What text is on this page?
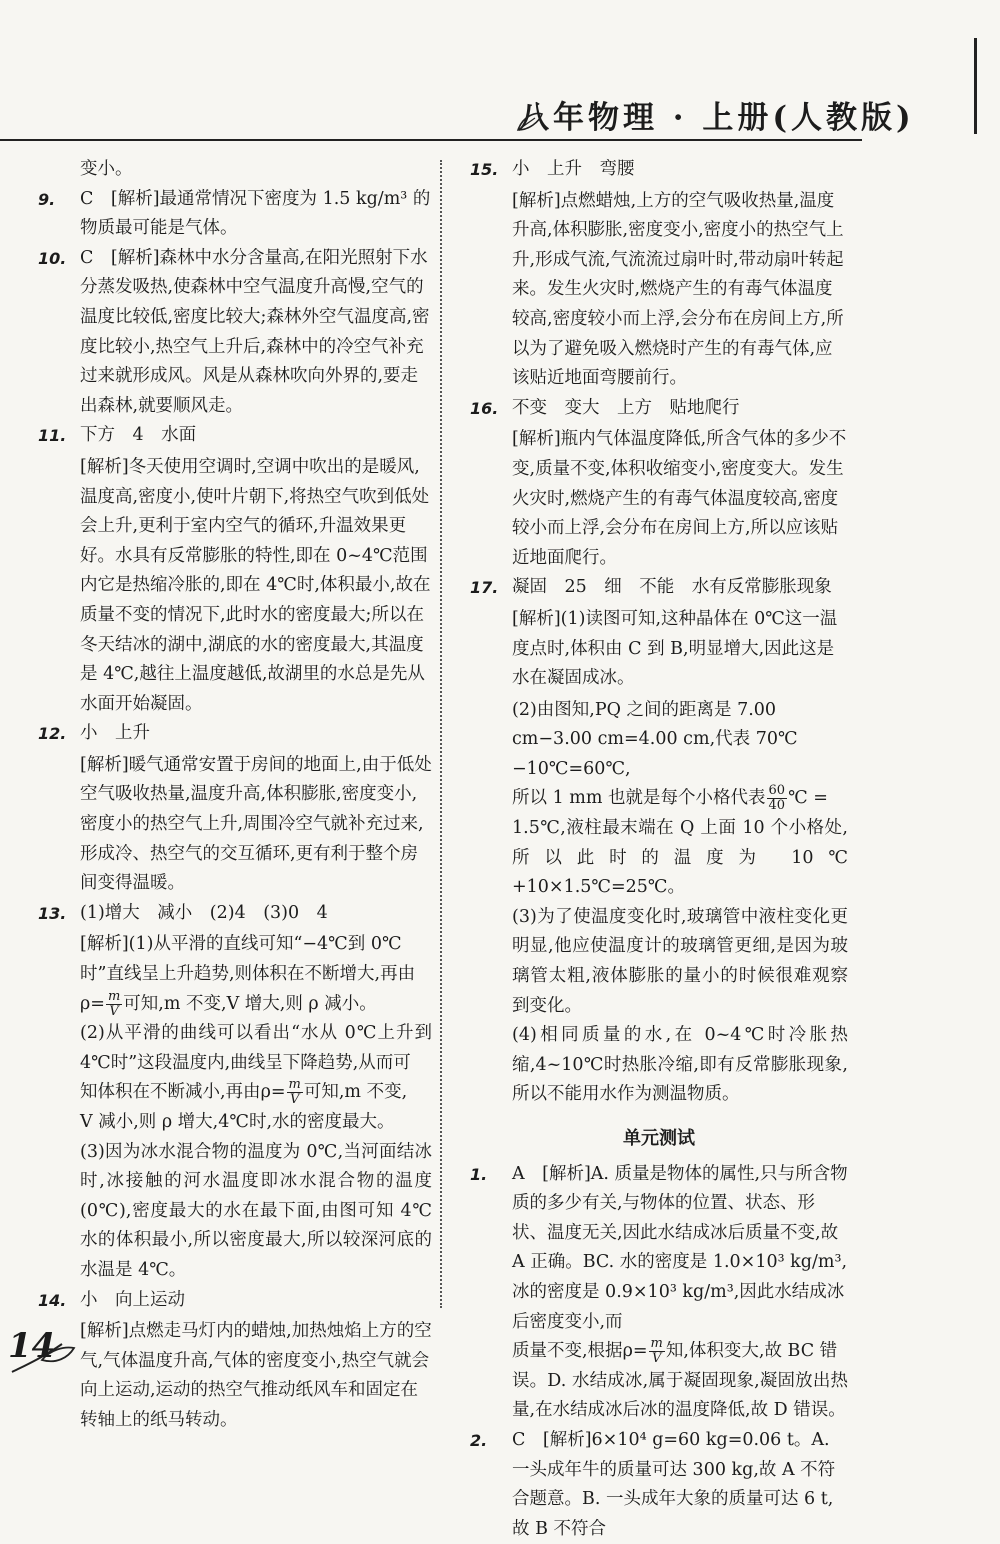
八年物理 · 上册(人教版)
变小。
9.	C　[解析]最通常情况下密度为 1.5 kg/m³ 的物质最可能是气体。
10. C　[解析]森林中水分含量高,在阳光照射下水分蒸发吸热,使森林中空气温度升高慢,空气的温度比较低,密度比较大;森林外空气温度高,密度比较小,热空气上升后,森林中的冷空气补充过来就形成风。风是从森林吹向外界的,要走出森林,就要顺风走。
11. 下方　4　水面
[解析]冬天使用空调时,空调中吹出的是暖风,温度高,密度小,使叶片朝下,将热空气吹到低处会上升,更利于室内空气的循环,升温效果更好。水具有反常膨胀的特性,即在 0~4℃范围内它是热缩冷胀的,即在 4℃时,体积最小,故在质量不变的情况下,此时水的密度最大;所以在冬天结冰的湖中,湖底的水的密度最大,其温度是 4℃,越往上温度越低,故湖里的水总是先从水面开始凝固。
12. 小　上升
[解析]暖气通常安置于房间的地面上,由于低处空气吸收热量,温度升高,体积膨胀,密度变小,密度小的热空气上升,周围冷空气就补充过来,形成冷、热空气的交互循环,更有利于整个房间变得温暖。
13. (1)增大　减小　(2)4　(3)0　4
[解析](1)从平滑的直线可知“−4℃到 0℃时”直线呈上升趋势,则体积在不断增大,再由
$\rho= \frac{m}{V}$ 可知,m 不变,V 增大,则 ρ 减小。
(2)从平滑的曲线可以看出“水从 0℃上升到 4℃时”这段温度内,曲线呈下降趋势,从而可
知体积在不断减小,再由$\rho= \frac{m}{V}$ 可知,m 不变,
V 减小,则 ρ 增大,4℃时,水的密度最大。
(3)因为冰水混合物的温度为 0℃,当河面结冰时,冰接触的河水温度即冰水混合物的温度(0℃),密度最大的水在最下面,由图可知 4℃水的体积最小,所以密度最大,所以较深河底的水温是 4℃。
14. 小　向上运动
[解析]点燃走马灯内的蜡烛,加热烛焰上方的空气,气体温度升高,气体的密度变小,热空气就会向上运动,运动的热空气推动纸风车和固定在转轴上的纸马转动。
15. 小　上升　弯腰
[解析]点燃蜡烛,上方的空气吸收热量,温度升高,体积膨胀,密度变小,密度小的热空气上升,形成气流,气流流过扇叶时,带动扇叶转起来。发生火灾时,燃烧产生的有毒气体温度较高,密度较小而上浮,会分布在房间上方,所以为了避免吸入燃烧时产生的有毒气体,应该贴近地面弯腰前行。
16. 不变　变大　上方　贴地爬行
[解析]瓶内气体温度降低,所含气体的多少不变,质量不变,体积收缩变小,密度变大。发生火灾时,燃烧产生的有毒气体温度较高,密度较小而上浮,会分布在房间上方,所以应该贴近地面爬行。
17. 凝固　25　细　不能　水有反常膨胀现象
[解析](1)读图可知,这种晶体在 0℃这一温度点时,体积由 C 到 B,明显增大,因此这是水在凝固成冰。
(2)由图知,PQ 之间的距离是 7.00 cm−3.00 cm=4.00 cm,代表 70℃−10℃=60℃,
所以 1 mm 也就是每个小格代表 $\frac{60}{40}$ ℃ =
1.5℃,液柱最末端在 Q 上面 10 个小格处,所以此时的温度为 10℃+10×1.5℃=25℃。
(3)为了使温度变化时,玻璃管中液柱变化更明显,他应使温度计的玻璃管更细,是因为玻璃管太粗,液体膨胀的量小的时候很难观察到变化。
(4)相同质量的水,在 0~4℃时冷胀热缩,4~10℃时热胀冷缩,即有反常膨胀现象,所以不能用水作为测温物质。
单元测试
1.	A　[解析]A. 质量是物体的属性,只与所含物质的多少有关,与物体的位置、状态、形状、温度无关,因此水结成冰后质量不变,故 A 正确。BC. 水的密度是 1.0×10³ kg/m³,冰的密度是 0.9×10³ kg/m³,因此水结成冰后密度变小,而
质量不变,根据$\rho= \frac{m}{V}$ 知,体积变大,故 BC 错
误。D. 水结成冰,属于凝固现象,凝固放出热量,在水结成冰后冰的温度降低,故 D 错误。
2.	C　[解析]6×10⁴ g=60 kg=0.06 t。A. 一头成年牛的质量可达 300 kg,故 A 不符合题意。B. 一头成年大象的质量可达 6 t,故 B 不符合
14
